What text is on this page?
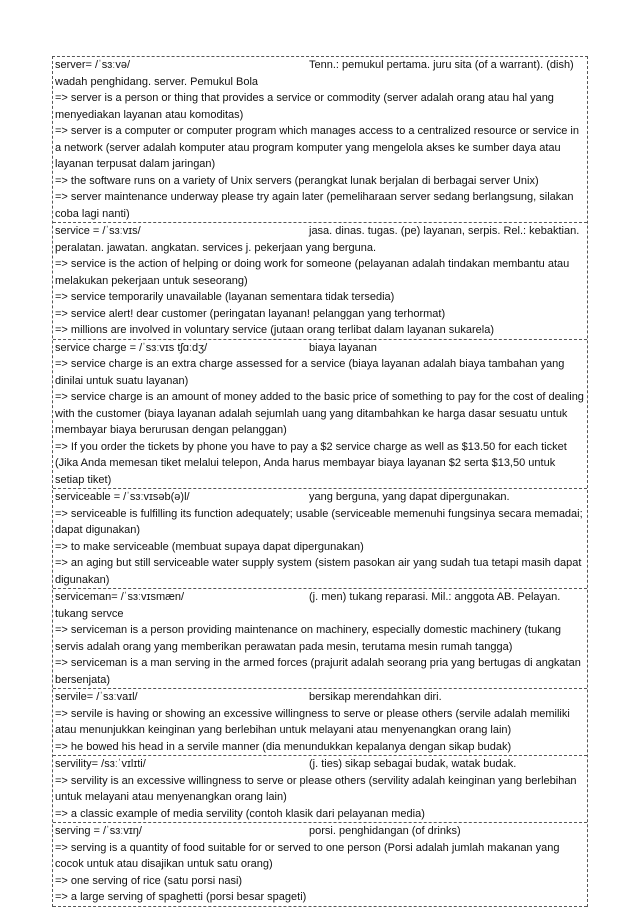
server= /ˈsɜːvə/	Tenn.: pemukul pertama. juru sita (of a warrant). (dish) wadah penghidang. server. Pemukul Bola
=> server is a person or thing that provides a service or commodity (server adalah orang atau hal yang menyediakan layanan atau komoditas)
=> server is a computer or computer program which manages access to a centralized resource or service in a network (server adalah komputer atau program komputer yang mengelola akses ke sumber daya atau layanan terpusat dalam jaringan)
=> the software runs on a variety of Unix servers (perangkat lunak berjalan di berbagai server Unix)
=> server maintenance underway please try again later (pemeliharaan server sedang berlangsung, silakan coba lagi nanti)
service = /ˈsɜːvɪs/	jasa. dinas. tugas. (pe) layanan, serpis. Rel.: kebaktian. peralatan. jawatan. angkatan. services j. pekerjaan yang berguna.
=> service is the action of helping or doing work for someone (pelayanan adalah tindakan membantu atau melakukan pekerjaan untuk seseorang)
=> service temporarily unavailable (layanan sementara tidak tersedia)
=> service alert! dear customer (peringatan layanan! pelanggan yang terhormat)
=> millions are involved in voluntary service (jutaan orang terlibat dalam layanan sukarela)
service charge = /ˈsɜːvɪs tʃɑːdʒ/	biaya layanan
=> service charge is an extra charge assessed for a service (biaya layanan adalah biaya tambahan yang dinilai untuk suatu layanan)
=> service charge is an amount of money added to the basic price of something to pay for the cost of dealing with the customer (biaya layanan adalah sejumlah uang yang ditambahkan ke harga dasar sesuatu untuk membayar biaya berurusan dengan pelanggan)
=> If you order the tickets by phone you have to pay a $2 service charge as well as $13.50 for each ticket (Jika Anda memesan tiket melalui telepon, Anda harus membayar biaya layanan $2 serta $13,50 untuk setiap tiket)
serviceable = /ˈsɜːvɪsəb(ə)l/	yang berguna, yang dapat dipergunakan.
=> serviceable is fulfilling its function adequately; usable (serviceable memenuhi fungsinya secara memadai; dapat digunakan)
=> to make serviceable (membuat supaya dapat dipergunakan)
=> an aging but still serviceable water supply system (sistem pasokan air yang sudah tua tetapi masih dapat digunakan)
serviceman= /ˈsɜːvɪsmæn/	(j. men) tukang reparasi. Mil.: anggota AB. Pelayan. tukang servce
=> serviceman is a person providing maintenance on machinery, especially domestic machinery (tukang servis adalah orang yang memberikan perawatan pada mesin, terutama mesin rumah tangga)
=> serviceman is a man serving in the armed forces (prajurit adalah seorang pria yang bertugas di angkatan bersenjata)
servile= /ˈsɜːvaɪl/	bersikap merendahkan diri.
=> servile is having or showing an excessive willingness to serve or please others (servile adalah memiliki atau menunjukkan keinginan yang berlebihan untuk melayani atau menyenangkan orang lain)
=> he bowed his head in a servile manner (dia menundukkan kepalanya dengan sikap budak)
servility= /sɜːˈvɪlɪti/	(j. ties) sikap sebagai budak, watak budak.
=> servility is an excessive willingness to serve or please others (servility adalah keinginan yang berlebihan untuk melayani atau menyenangkan orang lain)
=> a classic example of media servility (contoh klasik dari pelayanan media)
serving = /ˈsɜːvɪŋ/	porsi. penghidangan (of drinks)
=> serving is a quantity of food suitable for or served to one person (Porsi adalah jumlah makanan yang cocok untuk atau disajikan untuk satu orang)
=> one serving of rice (satu porsi nasi)
=> a large serving of spaghetti (porsi besar spageti)
